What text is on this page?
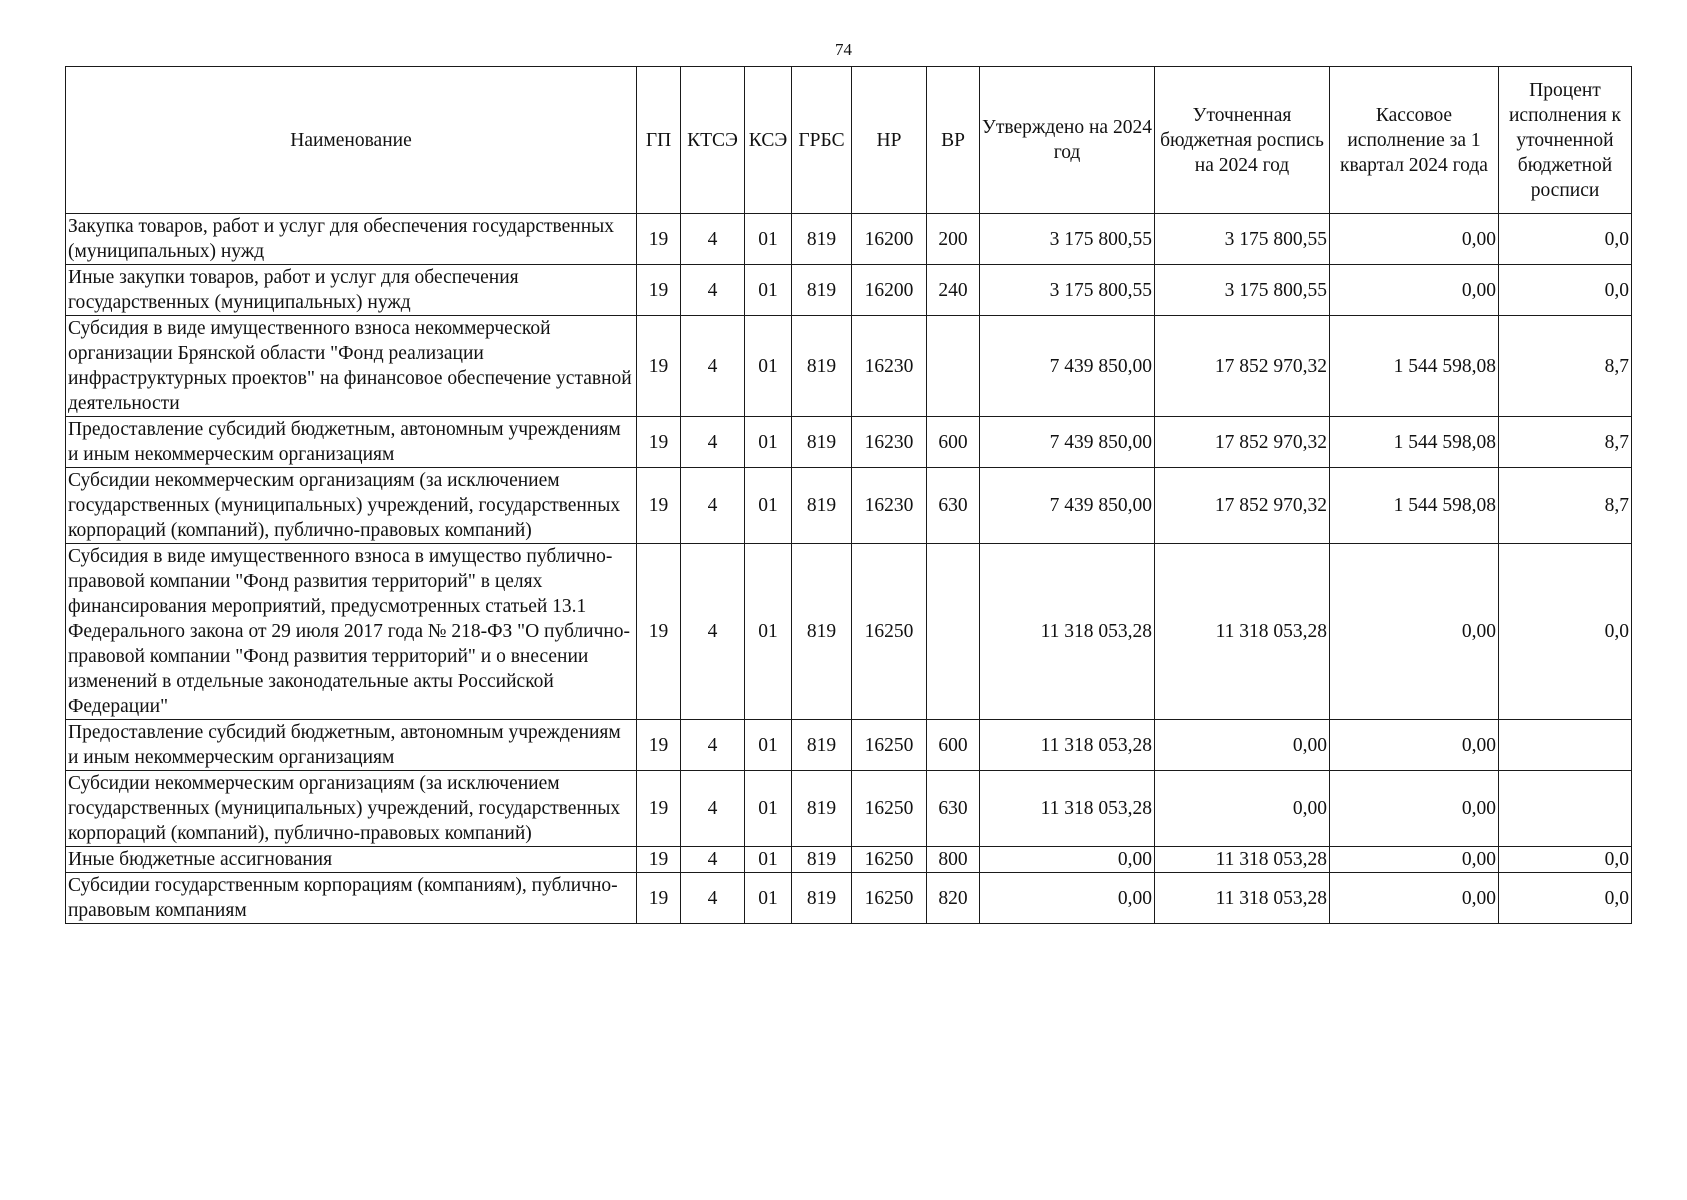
74
Наименование	ГП	КТСЭ	КСЭ	ГРБС	НР	ВР	Утверждено на 2024 год	Уточненная бюджетная роспись на 2024 год	Кассовое исполнение за 1 квартал 2024 года	Процент исполнения к уточненной бюджетной росписи
Закупка товаров, работ и услуг для обеспечения государственных (муниципальных) нужд	19	4	01	819	16200	200	3 175 800,55	3 175 800,55	0,00	0,0
Иные закупки товаров, работ и услуг для обеспечения государственных (муниципальных) нужд	19	4	01	819	16200	240	3 175 800,55	3 175 800,55	0,00	0,0
Субсидия в виде имущественного взноса некоммерческой организации Брянской области "Фонд реализации инфраструктурных проектов" на финансовое обеспечение уставной деятельности	19	4	01	819	16230		7 439 850,00	17 852 970,32	1 544 598,08	8,7
Предоставление субсидий бюджетным, автономным учреждениям и иным некоммерческим организациям	19	4	01	819	16230	600	7 439 850,00	17 852 970,32	1 544 598,08	8,7
Субсидии некоммерческим организациям (за исключением государственных (муниципальных) учреждений, государственных корпораций (компаний), публично-правовых компаний)	19	4	01	819	16230	630	7 439 850,00	17 852 970,32	1 544 598,08	8,7
Субсидия в виде имущественного взноса в имущество публично-правовой компании "Фонд развития территорий" в целях финансирования мероприятий, предусмотренных статьей 13.1 Федерального закона от 29 июля 2017 года № 218-ФЗ "О публично-правовой компании "Фонд развития территорий" и о внесении изменений в отдельные законодательные акты Российской Федерации"	19	4	01	819	16250		11 318 053,28	11 318 053,28	0,00	0,0
Предоставление субсидий бюджетным, автономным учреждениям и иным некоммерческим организациям	19	4	01	819	16250	600	11 318 053,28	0,00	0,00	
Субсидии некоммерческим организациям (за исключением государственных (муниципальных) учреждений, государственных корпораций (компаний), публично-правовых компаний)	19	4	01	819	16250	630	11 318 053,28	0,00	0,00	
Иные бюджетные ассигнования	19	4	01	819	16250	800	0,00	11 318 053,28	0,00	0,0
Субсидии государственным корпорациям (компаниям), публично-правовым компаниям	19	4	01	819	16250	820	0,00	11 318 053,28	0,00	0,0
